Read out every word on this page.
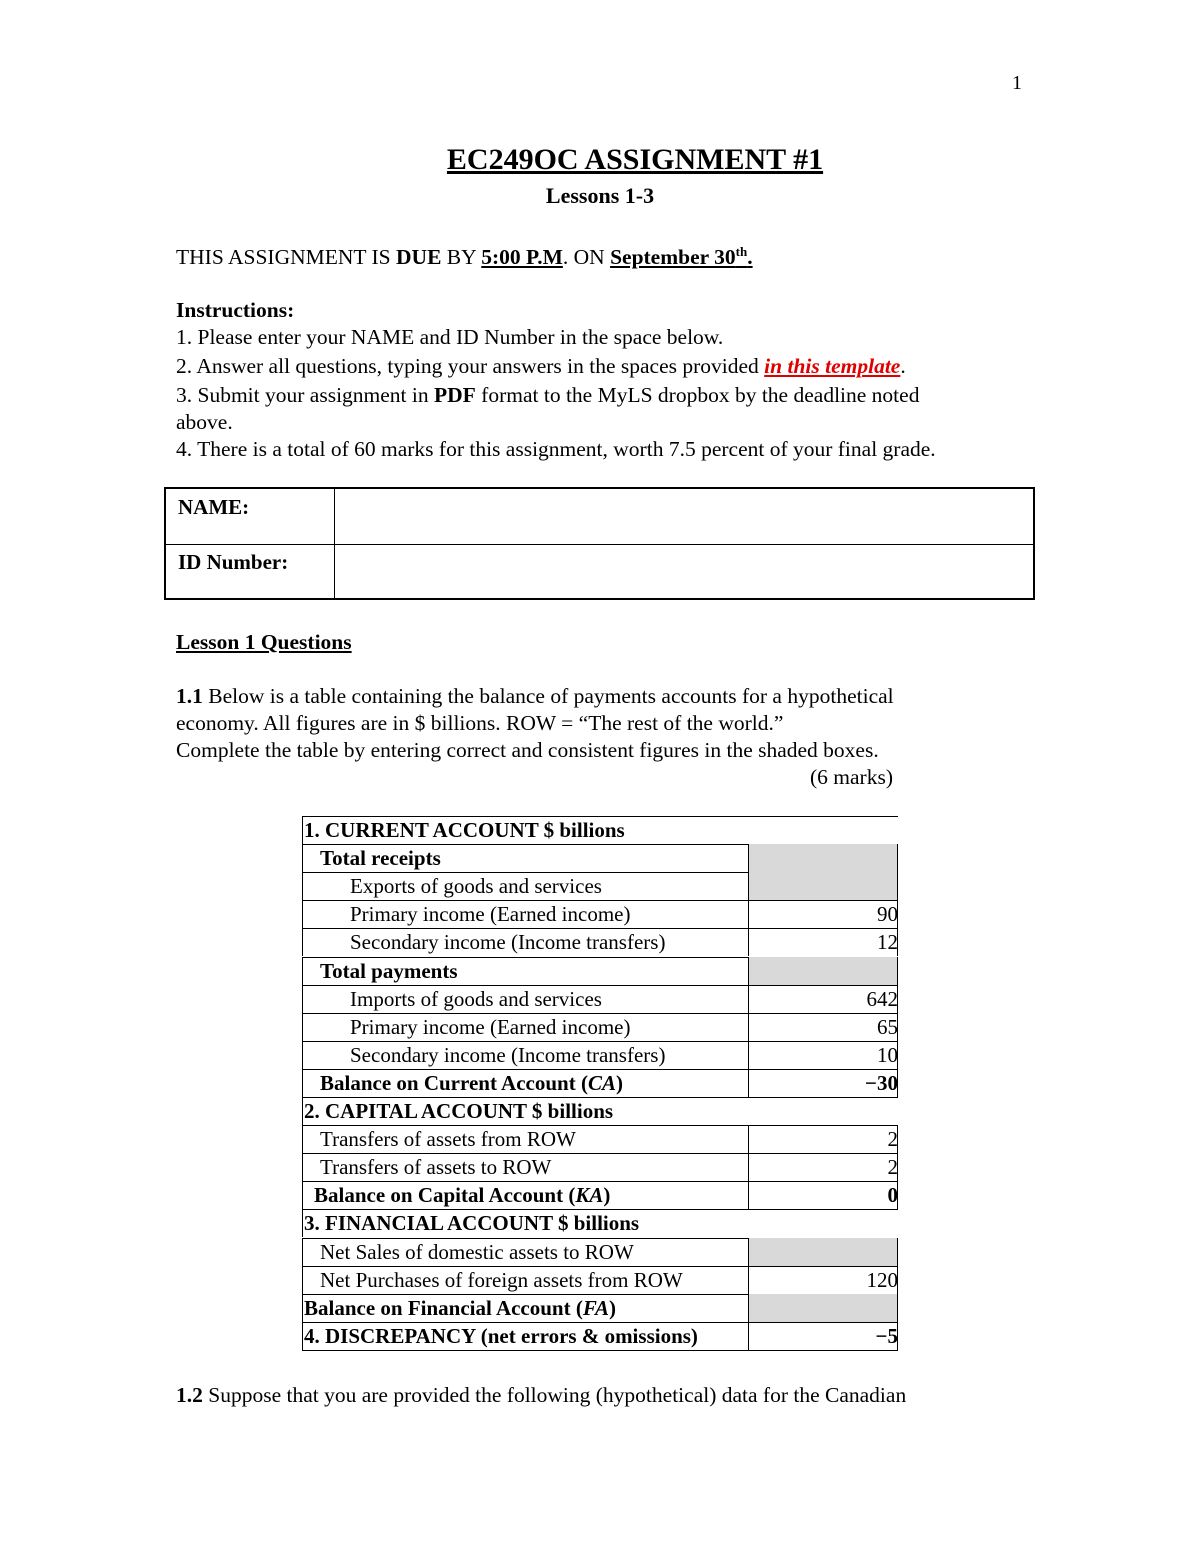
1
EC249OC ASSIGNMENT #1
Lessons 1-3
THIS ASSIGNMENT IS DUE BY 5:00 P.M. ON September 30th.
Instructions:
1. Please enter your NAME and ID Number in the space below.
2. Answer all questions, typing your answers in the spaces provided in this template.
3. Submit your assignment in PDF format to the MyLS dropbox by the deadline noted
above.
4. There is a total of 60 marks for this assignment, worth 7.5 percent of your final grade.
NAME:
ID Number:
Lesson 1 Questions
1.1 Below is a table containing the balance of payments accounts for a hypothetical
economy. All figures are in $ billions. ROW = “The rest of the world.”
Complete the table by entering correct and consistent figures in the shaded boxes.
(6 marks)
1. CURRENT ACCOUNT $ billions
Total receipts
Exports of goods and services
Primary income (Earned income)	90
Secondary income (Income transfers)	12
Total payments
Imports of goods and services	642
Primary income (Earned income)	65
Secondary income (Income transfers)	10
Balance on Current Account (CA)	−30
2. CAPITAL ACCOUNT $ billions
Transfers of assets from ROW	2
Transfers of assets to ROW	2
Balance on Capital Account (KA)	0
3. FINANCIAL ACCOUNT $ billions
Net Sales of domestic assets to ROW
Net Purchases of foreign assets from ROW	120
Balance on Financial Account (FA)
4. DISCREPANCY (net errors & omissions)	−5
1.2 Suppose that you are provided the following (hypothetical) data for the Canadian
